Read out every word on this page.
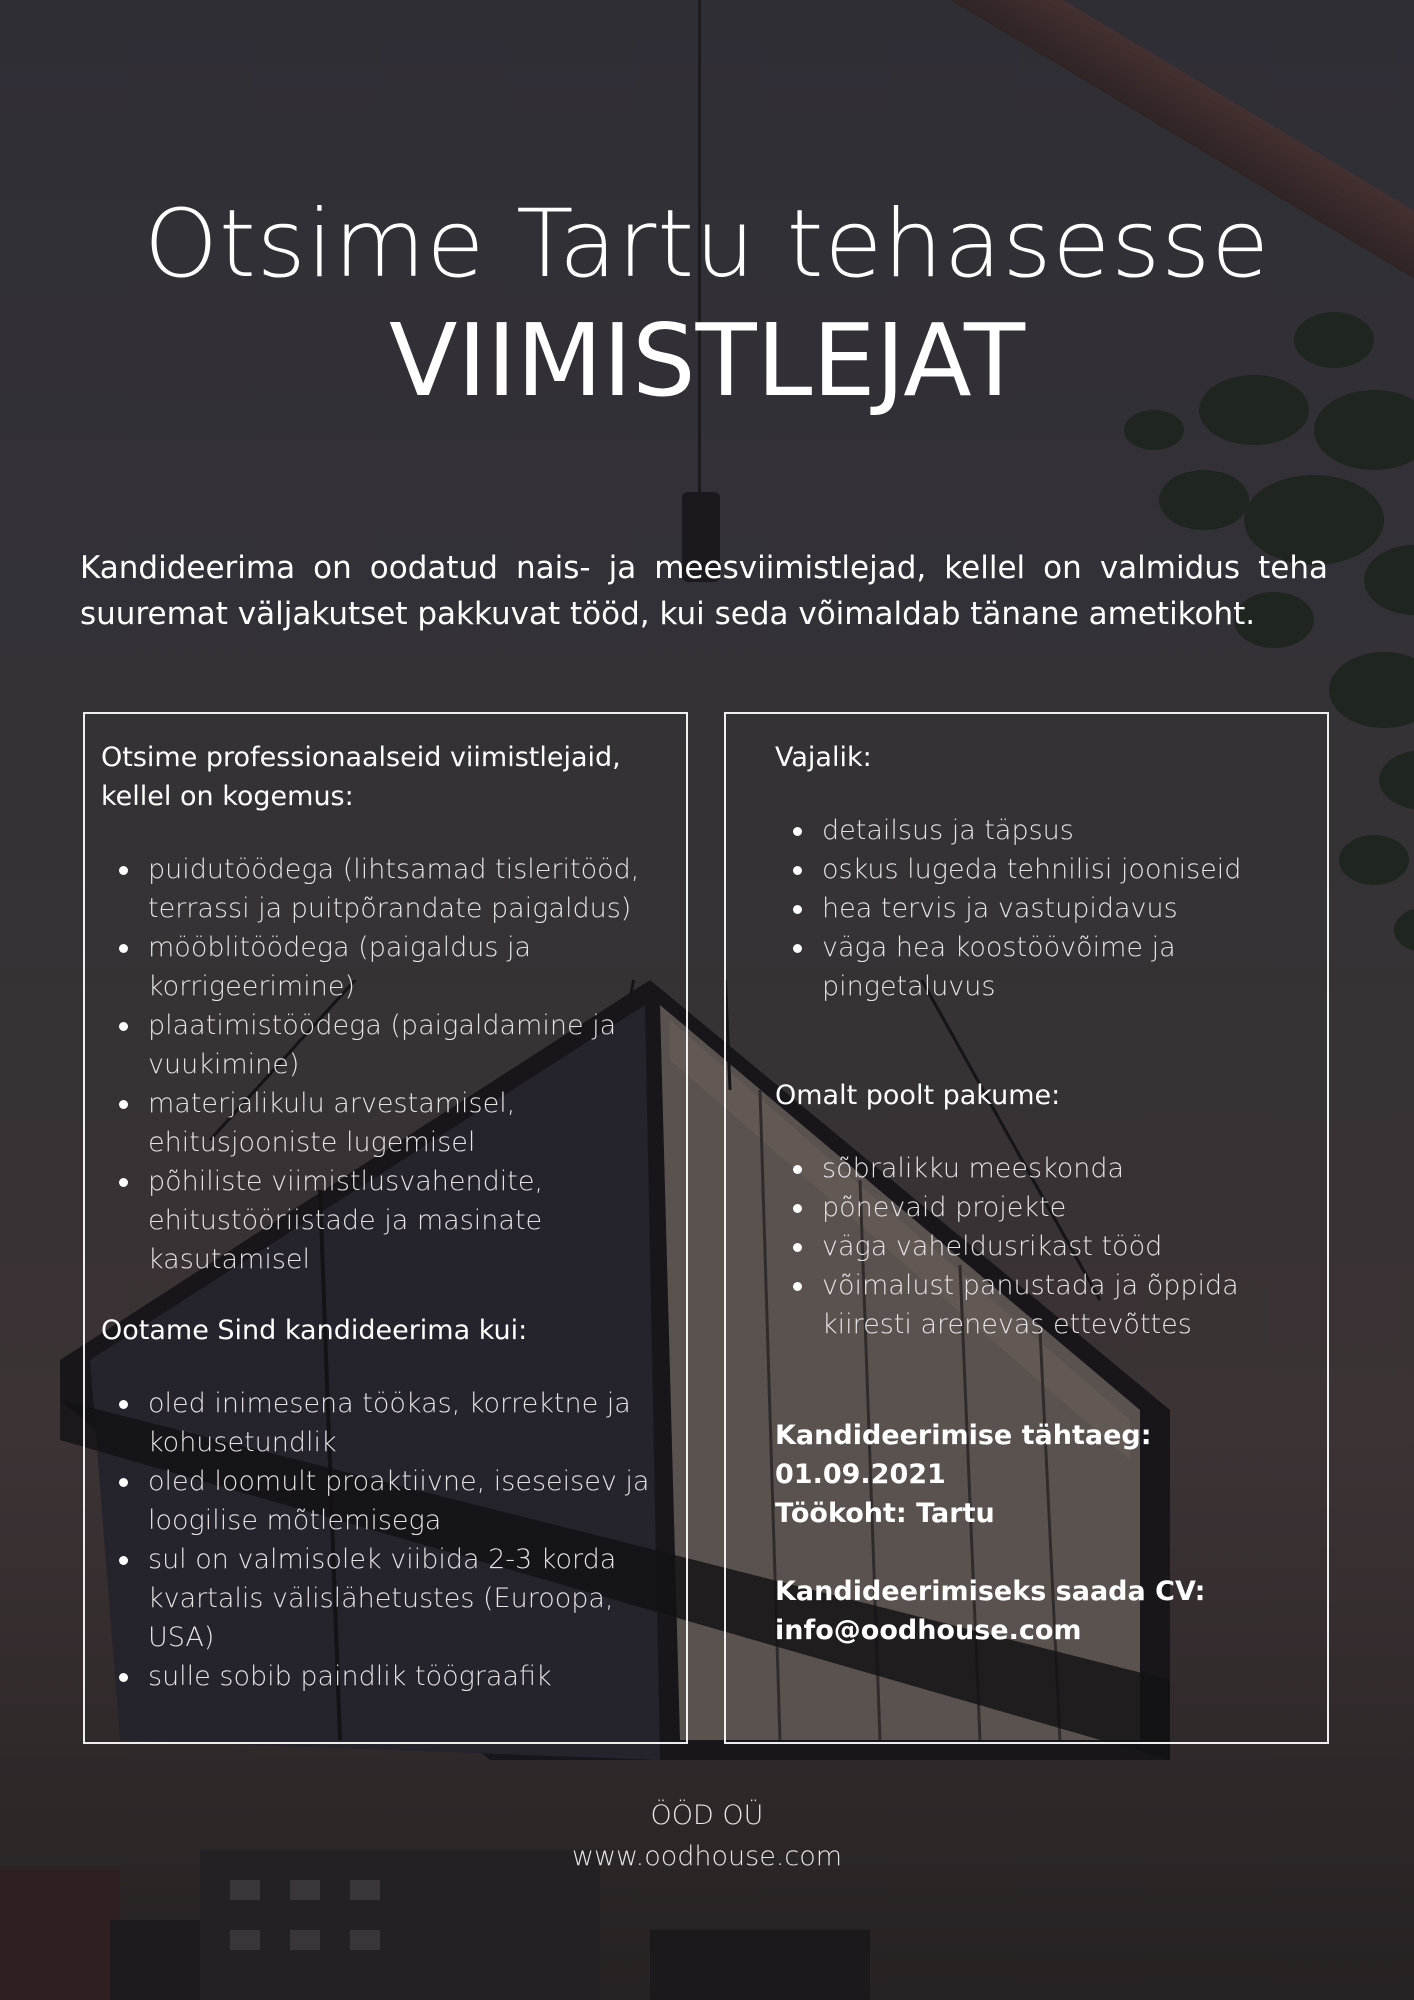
Otsime Tartu tehasesse
VIIMISTLEJAT
Kandideerima on oodatud nais- ja meesviimistlejad, kellel on valmidus teha suuremat väljakutset pakkuvat tööd, kui seda võimaldab tänane ametikoht.
Otsime professionaalseid viimistlejaid,
kellel on kogemus:
puidutöödega (lihtsamad tisleritööd,
terrassi ja puitpõrandate paigaldus)
mööblitöödega (paigaldus ja
korrigeerimine)
plaatimistöödega (paigaldamine ja
vuukimine)
materjalikulu arvestamisel,
ehitusjooniste lugemisel
põhiliste viimistlusvahendite,
ehitustööriistade ja masinate
kasutamisel
Ootame Sind kandideerima kui:
oled inimesena töökas, korrektne ja
kohusetundlik
oled loomult proaktiivne, iseseisev ja
loogilise mõtlemisega
sul on valmisolek viibida 2-3 korda
kvartalis välislähetustes (Euroopa,
USA)
sulle sobib paindlik töögraafik
Vajalik:
detailsus ja täpsus
oskus lugeda tehnilisi jooniseid
hea tervis ja vastupidavus
väga hea koostöövõime ja
pingetaluvus
Omalt poolt pakume:
sõbralikku meeskonda
põnevaid projekte
väga vaheldusrikast tööd
võimalust panustada ja õppida
kiiresti arenevas ettevõttes
Kandideerimise tähtaeg: 01.09.2021
Töökoht: Tartu
Kandideerimiseks saada CV:
info@oodhouse.com
ÖÖD OÜ
www.oodhouse.com
